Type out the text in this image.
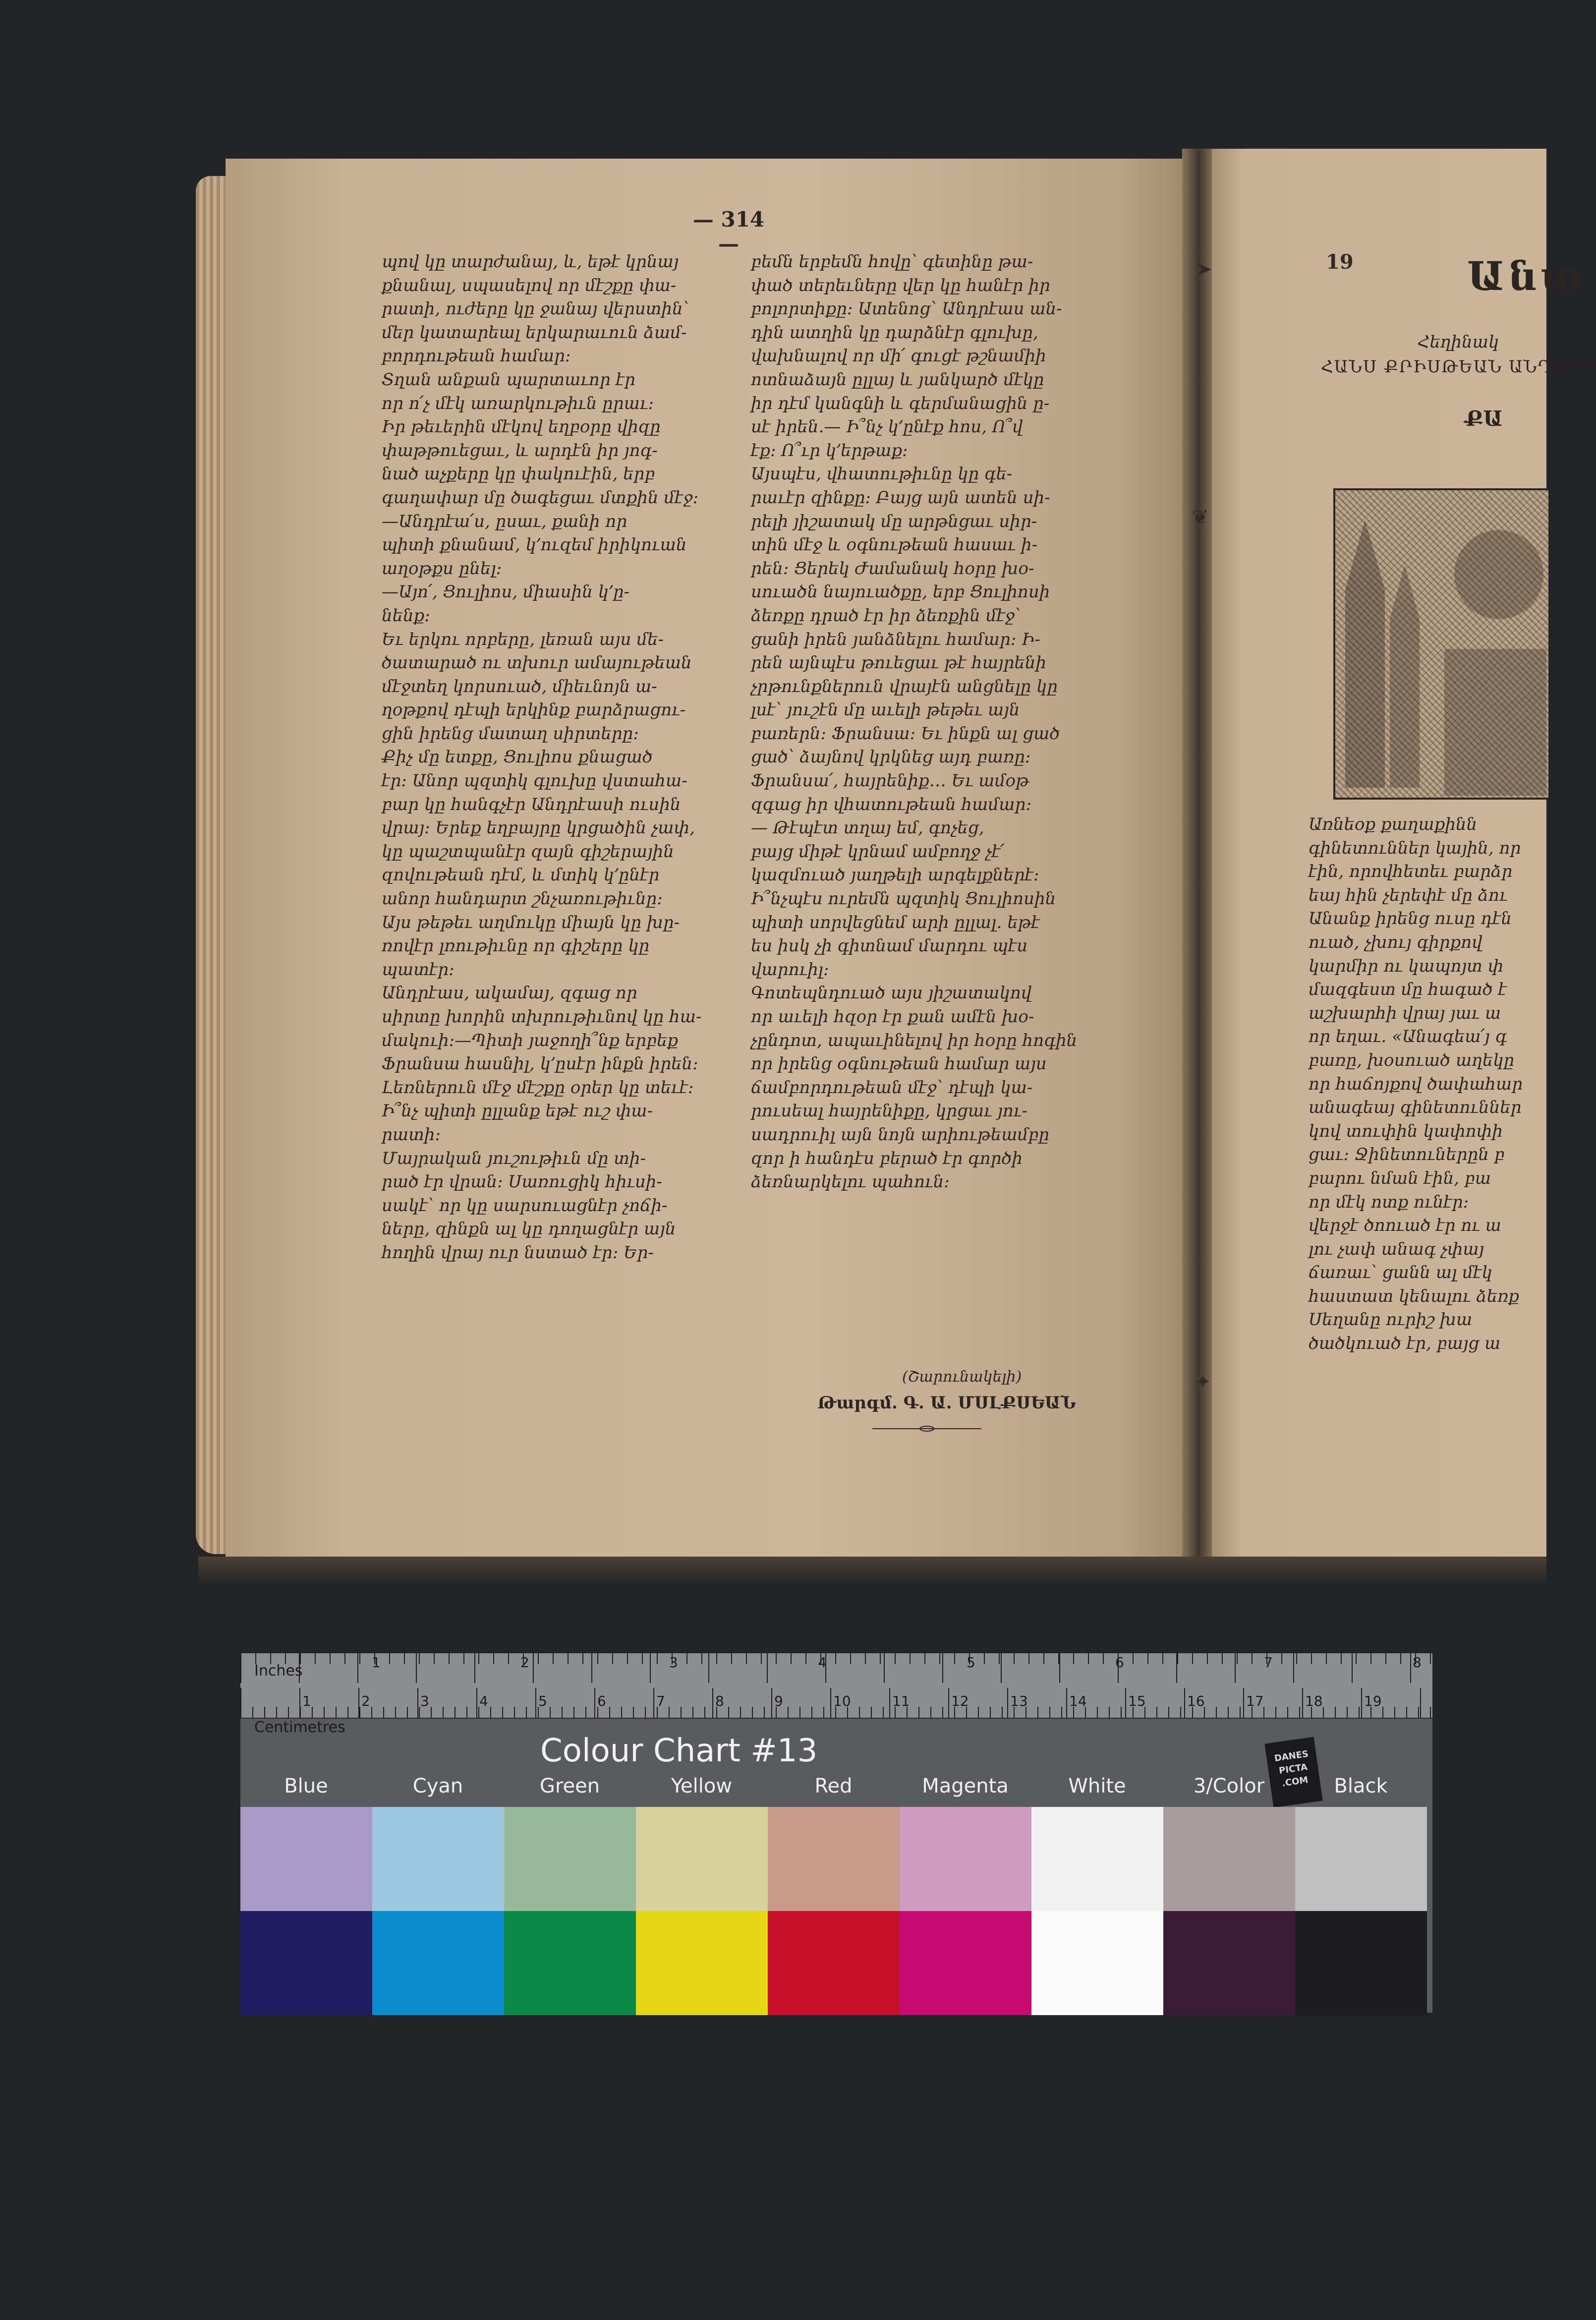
— 314 —

պով կը տարժանայ, և, եթէ կրնայ

քնանալ, սպասելով որ մէշքը փա-

րատի, ուժերը կը ջանայ վերստին՝

մեր կատարեալ երկարաւուն ձամ-

բորդութեան համար։

Տղան անքան պարտաւոր էր

որ ո՛չ մէկ առարկութիւն ըրաւ։

Իր թեւերին մէկով եղբօրը վիզը

փաթթուեցաւ, և արդէն իր յոգ-

նած աչքերը կը փակուէին, երբ

գաղափար մը ծագեցաւ մտքին մէջ։

—Անդրէա՛ս, ըսաւ, քանի որ

պիտի քնանամ, կ՚ուզեմ իրիկուան

աղօթքս ընել։

—Այո՛, Ցուլիոս, միասին կ՚ը-

նենք։

Եւ երկու որբերը, լեռան այս մե-

ծատարած ու տխուր ամայութեան

մէջտեղ կորսուած, միեւնոյն ա-

ղօթքով դէպի երկինք բարձրացու-

ցին իրենց մատաղ սիրտերը։

Քիչ մը ետքը, Ցուլիոս քնացած

էր։ Անոր պզտիկ գլուխը վստահա-

բար կը հանգչէր Անդրէասի ուսին

վրայ։ Երեք եղբայրը կրցածին չափ,

կը պաշտպանէր զայն գիշերային

զովութեան դէմ, և մտիկ կ՚ընէր

անոր հանդարտ շնչառութիւնը։

Այս թեթեւ աղմուկը միայն կը խը-

ռովէր լռութիւնը որ գիշերը կը

պատէր։

Անդրէաս, ակամայ, զգաց որ

սիրտը խորին տխրութիւնով կը հա-

մակուի։—Պիտի յաջողի՞նք երբեք

Ֆրանսա հասնիլ, կ՚ըսէր ինքն իրեն։

Լեռներուն մէջ մէշքը օրեր կը տեւէ։

Ի՞նչ պիտի ըլլանք եթէ ուշ փա-

րատի։

Մայրական յուշութիւն մը տի-

րած էր վրան։ Սառուցիկ հիւսի-

սակէ՝ որ կը սարսուացնէր չոճի-

ները, զինքն ալ կը դողացնէր այն

հողին վրայ ուր նստած էր։ Եր-

բեմն երբեմն հովը՝ գետինը թա-

փած տերեւները վեր կը հանէր իր

բոլորտիքը։ Ատենոց՝ Անդրէաս ան-

դին ատղին կը դարձնէր գլուխը,

վախնալով որ մի՛ գուցէ թշնամիի

ոտնաձայն ըլլայ և յանկարծ մէկը

իր դէմ կանգնի և գերմանացին ը-

սէ իրեն.— Ի՞նչ կ՚ընէք հոս, Ո՞վ

էք։ Ո՞ւր կ՚երթաք։

Այսպէս, վհատութիւնը կը գե-

րաւէր զինքը։ Բայց այն ատեն սի-

րելի յիշատակ մը արթնցաւ սիր-

տին մէջ և օգնութեան հասաւ ի-

րեն։ Ցերեկ Ժամանակ հօրը խօ-

սուածն նայուածքը, երբ Ցուլիոսի

ձեռքը դրած էր իր ձեռքին մէջ՝

ցանի իրեն յանձնելու համար։ Ի-

րեն այնպէս թուեցաւ թէ հայրենի

չրթունքներուն վրայէն անցնելը կը

լսէ՝ յուշէն մը աւելի թեթեւ այն

բառերն։ Ֆրանսա։ Եւ ինքն ալ ցած

ցած՝ ձայնով կրկնեց այդ բառը։

Ֆրանսա՛, հայրենիք․․․ Եւ ամօթ

զգաց իր վհատութեան համար։

— Թէպէտ տղայ եմ, գոչեց,

բայց միթէ կրնամ ամբողջ չէ՛

կազմուած յաղթելի արգելքներէ։

Ի՞նչպէս ուրեմն պզտիկ Ցուլիոսին

պիտի սորվեցնեմ արի ըլլալ․ եթէ

ես իսկ չի գիտնամ մարդու պէս

վարուիլ։

Գոտեպնդուած այս յիշատակով

որ աւելի հզօր էր քան ամէն խօ-

չընդոտ, ապաւինելով իր հօրը հոգին

որ իրենց օգնութեան համար այս

ճամբորդութեան մէջ՝ դէպի կա-

րուսեալ հայրենիքը, կրցաւ յու-

սադրուիլ այն նոյն արիութեամբը

զոր ի հանդէս բերած էր գործի

ձեռնարկելու պահուն։

(Շարունակելի)
Թարգմ. Գ. Ա. ՄՍԼՔՍԵԱՆ
➤
❦
✦
19	Անտ
Հեղինակ
ՀԱՆՍ ՔՐԻՍԹԵԱՆ ԱՆԴԵՐՍ
ՔԱ

Առնեօք քաղաքինն

գինետուններ կային, որ

էին, որովհետեւ բարձր

եայ հին չերեփէ մը ձու

Անանք իրենց ուսը դէն

ուած, չխույ գիրքով

կարմիր ու կապոյտ փ

մազգեստ մը հագած է

աշխարհի վրայ յաւ ա

որ եղաւ. «Անագեա՛յ գ

բառը, խօսուած աղեկը

որ հաճոյքով ծափահար

անագեայ գինետուններ

կով տուփին կափոփի

ցաւ։ Ջինետուներըն բ

բարու նման էին, բա

որ մէկ ոտք ունէր։

վերջէ ծոուած էր ու ա

լու չափ անագ չփայ

ճառաւ՝ ցանն ալ մէկ

հաստատ կենալու ձեռք

Սեղանը ուրիշ խա

ծածկուած էր, բայց ա

Inches
Centimetres
1	2	3	4	5	6	7	8
1	2	3	4	5	6	7	8	9	10	11	12	13	14	15	16	17	18	19
Colour Chart #13	DANES PICTA .COM
Blue	Cyan	Green	Yellow	Red	Magenta	White	3/Color	Black
